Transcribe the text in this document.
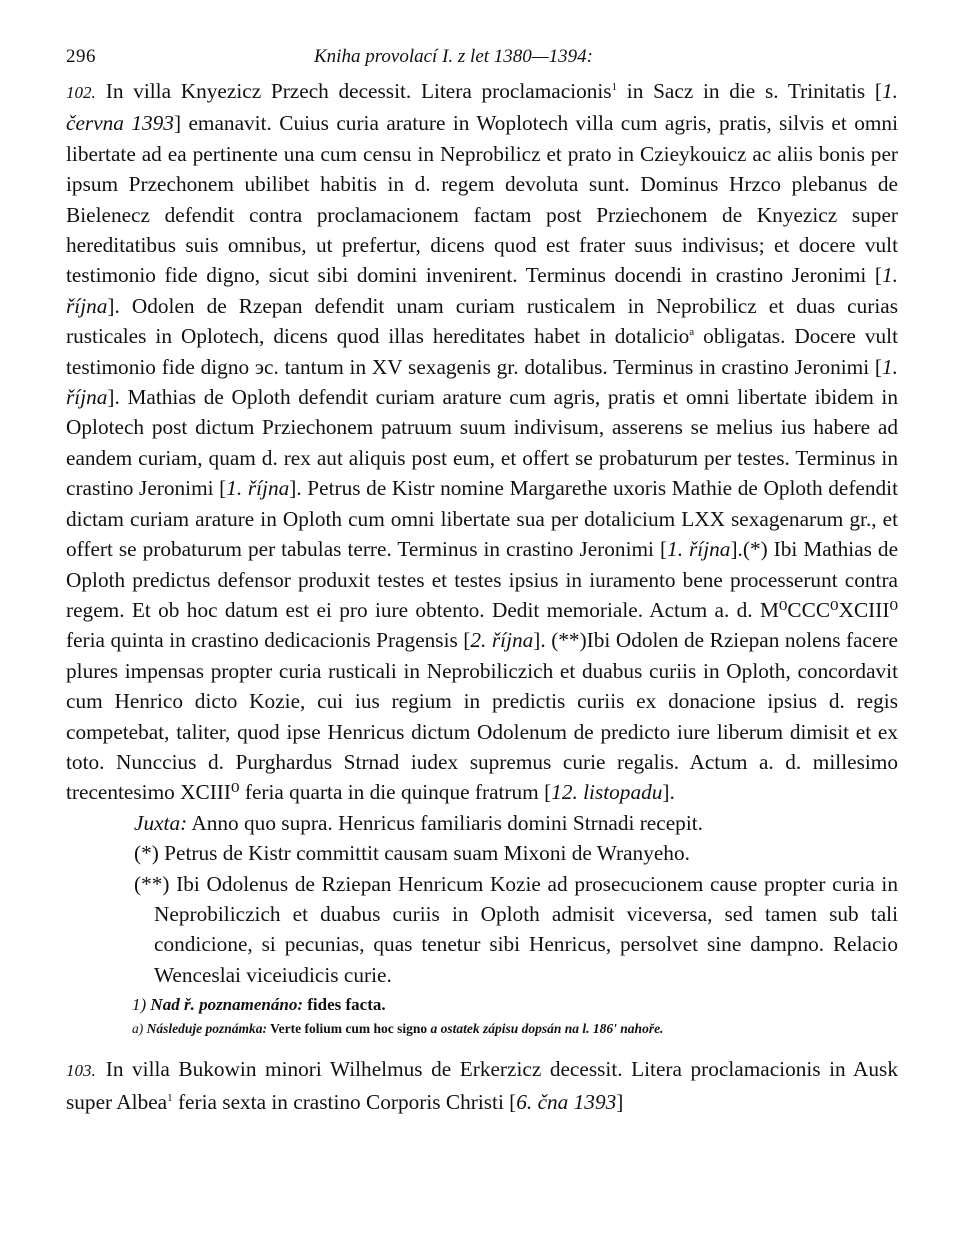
296	Kniha provolací I. z let 1380—1394:

102. In villa Knyezicz Przech decessit. Litera proclamacionis$^1$ in Sacz in die s. Trinitatis [1. června 1393] emanavit. Cuius curia arature in Woplotech villa cum agris, pratis, silvis et omni libertate ad ea pertinente una cum censu in Neprobilicz et prato in Czieykouicz ac aliis bonis per ipsum Przechonem ubilibet habitis in d. regem devoluta sunt. Dominus Hrzco plebanus de Bieleneсz defendit contra proclamacionem factam post Prziechonem de Knyezicz super hereditatibus suis omnibus, ut prefertur, dicens quod est frater suus indivisus; et docere vult testimonio fide digno, sicut sibi domini invenirent. Terminus docendi in crastino Jeronimi [1. října]. Odolen de Rzepan defendit unam curiam rusticalem in Neprobilicz et duas curias rusticales in Oplotech, dicens quod illas hereditates habet in dotalicio$^a$ obligatas. Docere vult testimonio fide digno эc. tantum in XV sexagenis gr. dotalibus. Terminus in crastino Jeronimi [1. října]. Mathias de Oploth defendit curiam arature cum agris, pratis et omni libertate ibidem in Oplotech post dictum Prziechonem patruum suum indivisum, asserens se melius ius habere ad eandem curiam, quam d. rex aut aliquis post eum, et offert se probaturum per testes. Terminus in crastino Jeronimi [1. října]. Petrus de Kistr nomine Margarethe uxoris Mathie de Oploth defendit dictam curiam arature in Oploth cum omni libertate sua per dotalicium LXX sexagenarum gr., et offert se probaturum per tabulas terre. Terminus in crastino Jeronimi [1. října].(*) Ibi Mathias de Oploth predictus defensor produxit testes et testes ipsius in iuramento bene processerunt contra regem. Et ob hoc datum est ei pro iure obtento. Dedit memoriale. Actum a. d. M⁰CCC⁰XCIII⁰ feria quinta in crastino dedicacionis Pragensis [2. října]. (**)Ibi Odolen de Rziepan nolens facere plures impensas propter curia rusticali in Neprobiliczich et duabus curiis in Oploth, concordavit cum Henrico dicto Kozie, cui ius regium in predictis curiis ex donacione ipsius d. regis competebat, taliter, quod ipse Henricus dictum Odolenum de predicto iure liberum dimisit et ex toto. Nunccius d. Purghardus Strnad iudex supremus curie regalis. Actum a. d. millesimo trecentesimo XCIII⁰ feria quarta in die quinque fratrum [12. listopadu].

Juxta: Anno quo supra. Henricus familiaris domini Strnadi recepit.

(*) Petrus de Kistr committit causam suam Mixoni de Wranyeho.

(**) Ibi Odolenus de Rziepan Henricum Kozie ad prosecucionem cause propter curia in Neprobiliczich et duabus curiis in Oploth admisit viceversa, sed tamen sub tali condicione, si pecunias, quas tenetur sibi Henricus, persolvet sine dampno. Relacio Wenceslai viceiudicis curie.

1) Nad ř. poznamenáno: fides facta.
a) Následuje poznámka: Verte folium cum hoc signo a ostatek zápisu dopsán na l. 186' nahoře.

103. In villa Bukowin minori Wilhelmus de Erkerzicz decessit. Litera proclamacionis in Ausk super Albea$^1$ feria sexta in crastino Corporis Christi [6. čna 1393]
